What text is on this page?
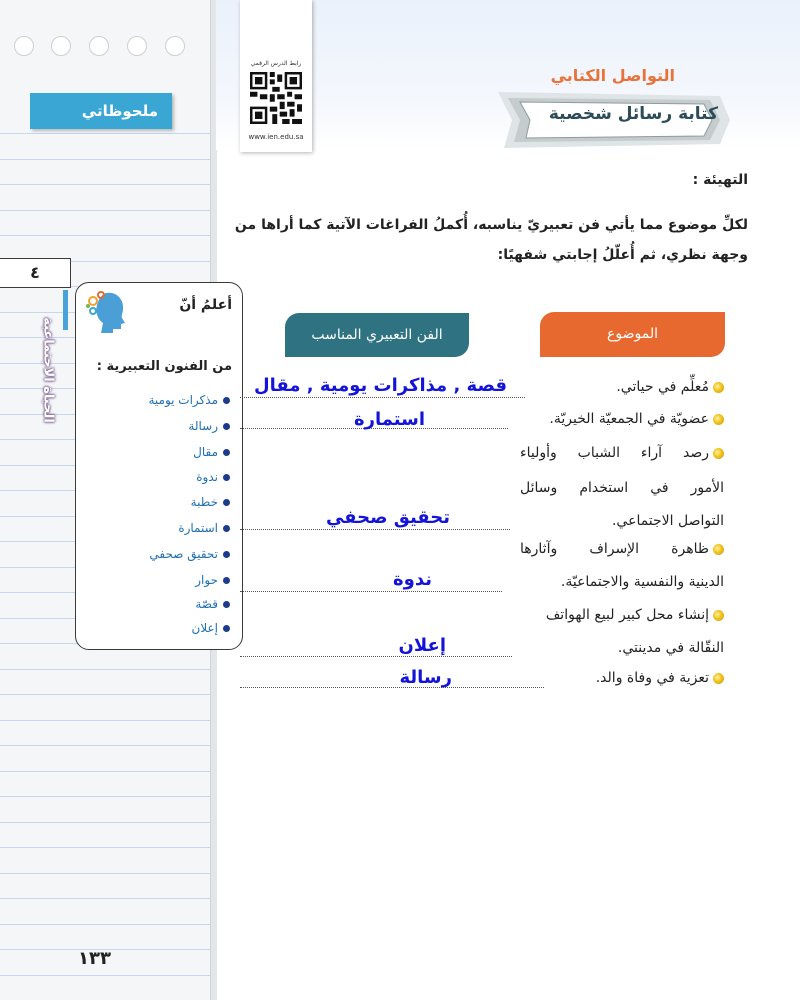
ملحوظاتي
٤
الحياة الاجتماعية
أعلمُ أنّ
من الفنون التعبيرية :
مذكرات يومية
رسالة
مقال
ندوة
خطبة
استمارة
تحقيق صحفي
حوار
قصّة
إعلان
١٣٣
رابط الدرس الرقمي
www.ien.edu.sa
التواصل الكتابي
كتابة رسائل شخصية
التهيئة :
لكلِّ موضوع مما يأتي فن تعبيريّ يناسبه، أُكملُ الفراغات الآتية كما أراها من وجهة نظري، ثم أُعلّلُ إجابتي شفهيًا:
الموضوع
الفن التعبيري المناسب
مُعلِّم في حياتي.
قصة , مذاكرات يومية , مقال
عضويّة في الجمعيّة الخيريّة.
استمارة
رصد آراء الشباب وأولياء
الأمور في استخدام وسائل
التواصل الاجتماعي.
تحقيق صحفي
ظاهرة الإسراف وآثارها
الدينية والنفسية والاجتماعيّة.
ندوة
إنشاء محل كبير لبيع الهواتف
النقّالة في مدينتي.
إعلان
تعزية في وفاة والد.
رسالة
